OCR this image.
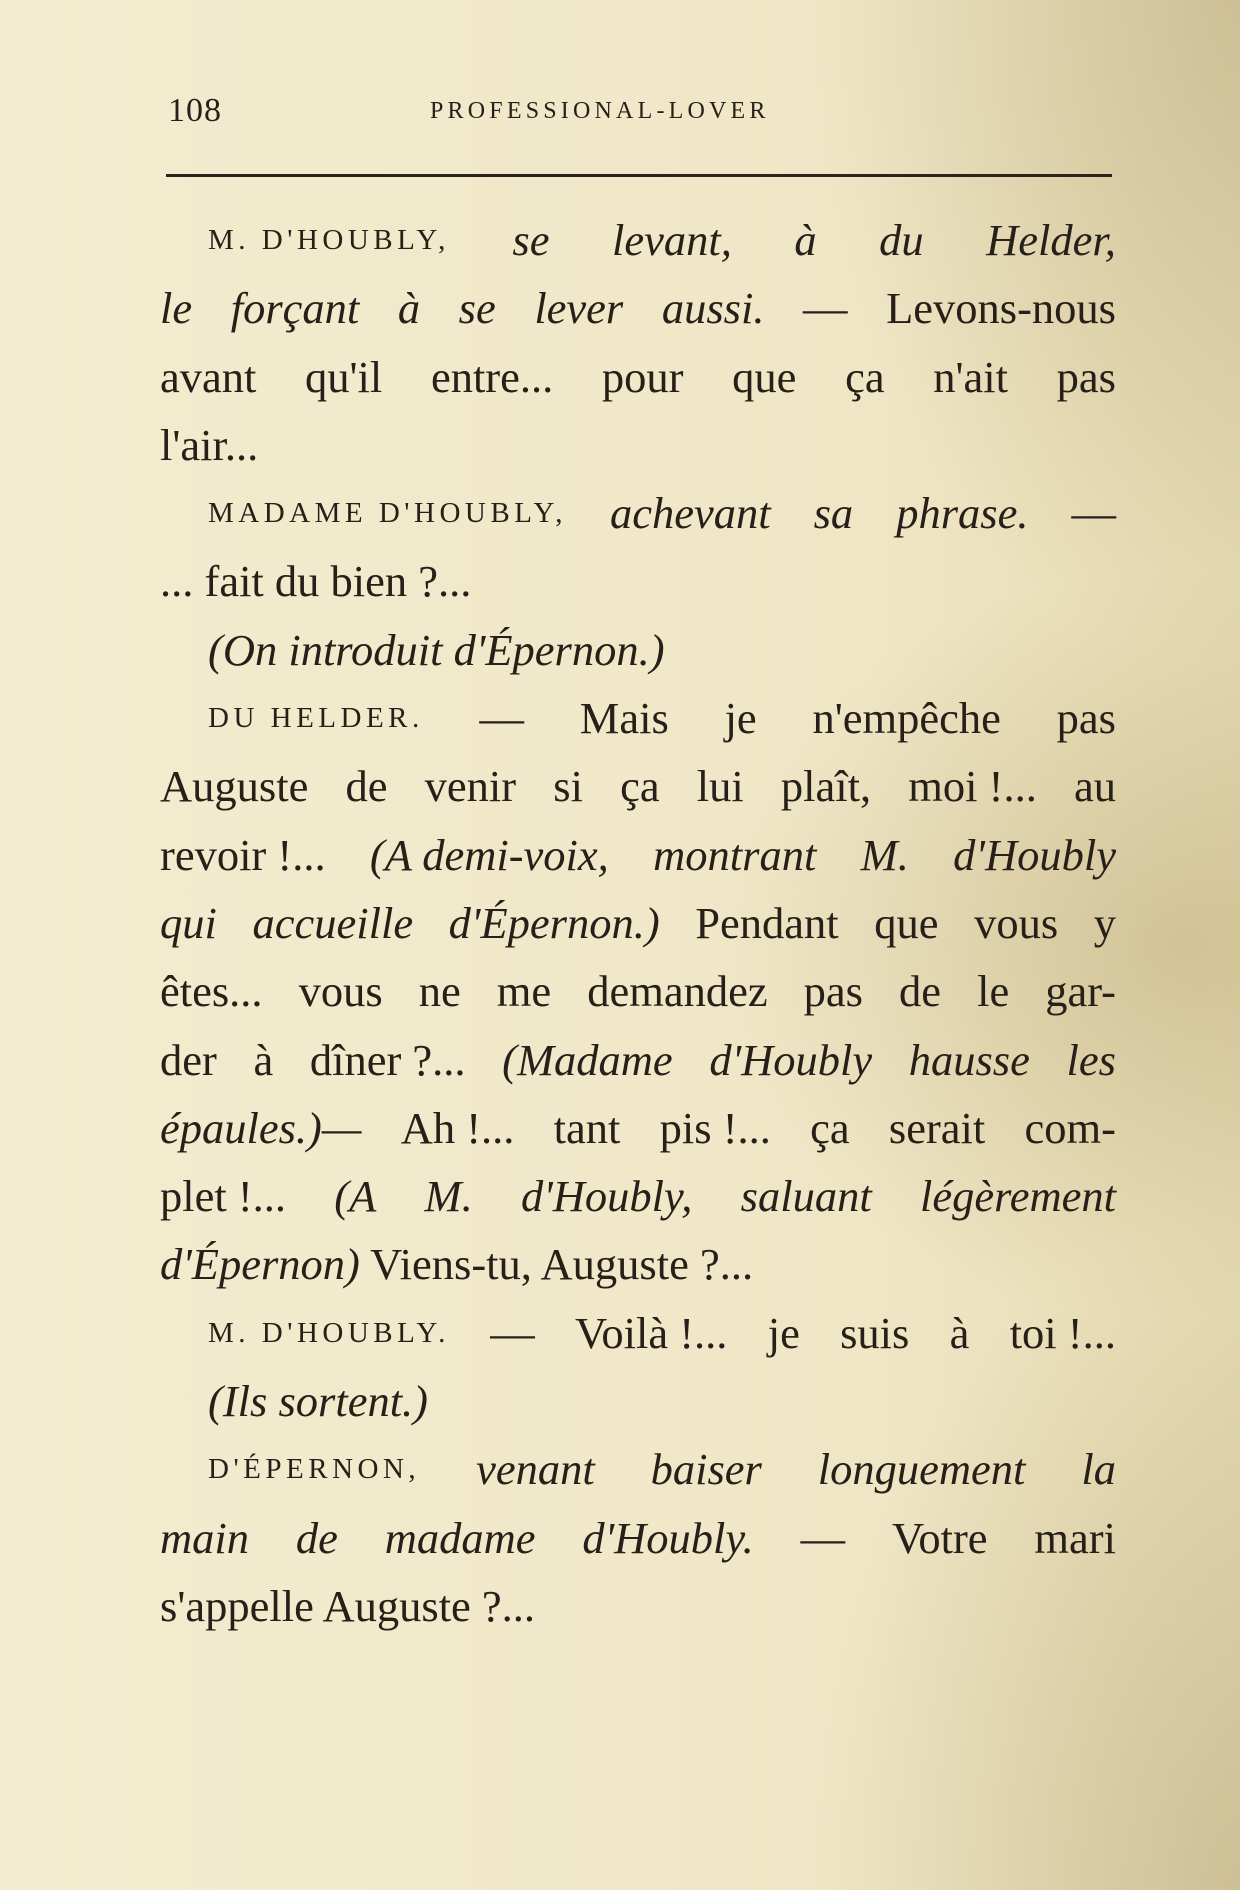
108	PROFESSIONAL-LOVER
M. D'HOUBLY, se levant, à du Helder,
le forçant à se lever aussi. — Levons-nous
avant qu'il entre... pour que ça n'ait pas
l'air...
MADAME D'HOUBLY, achevant sa phrase. —
... fait du bien ?...
(On introduit d'Épernon.)
DU HELDER. — Mais je n'empêche pas
Auguste de venir si ça lui plaît, moi !... au
revoir !... (A demi-voix, montrant M. d'Houbly
qui accueille d'Épernon.) Pendant que vous y
êtes... vous ne me demandez pas de le gar-
der à dîner ?... (Madame d'Houbly hausse les
épaules.)— Ah !... tant pis !... ça serait com-
plet !... (A M. d'Houbly, saluant légèrement
d'Épernon) Viens-tu, Auguste ?...
M. D'HOUBLY. — Voilà !... je suis à toi !...
(Ils sortent.)
D'ÉPERNON, venant baiser longuement la
main de madame d'Houbly. — Votre mari
s'appelle Auguste ?...
